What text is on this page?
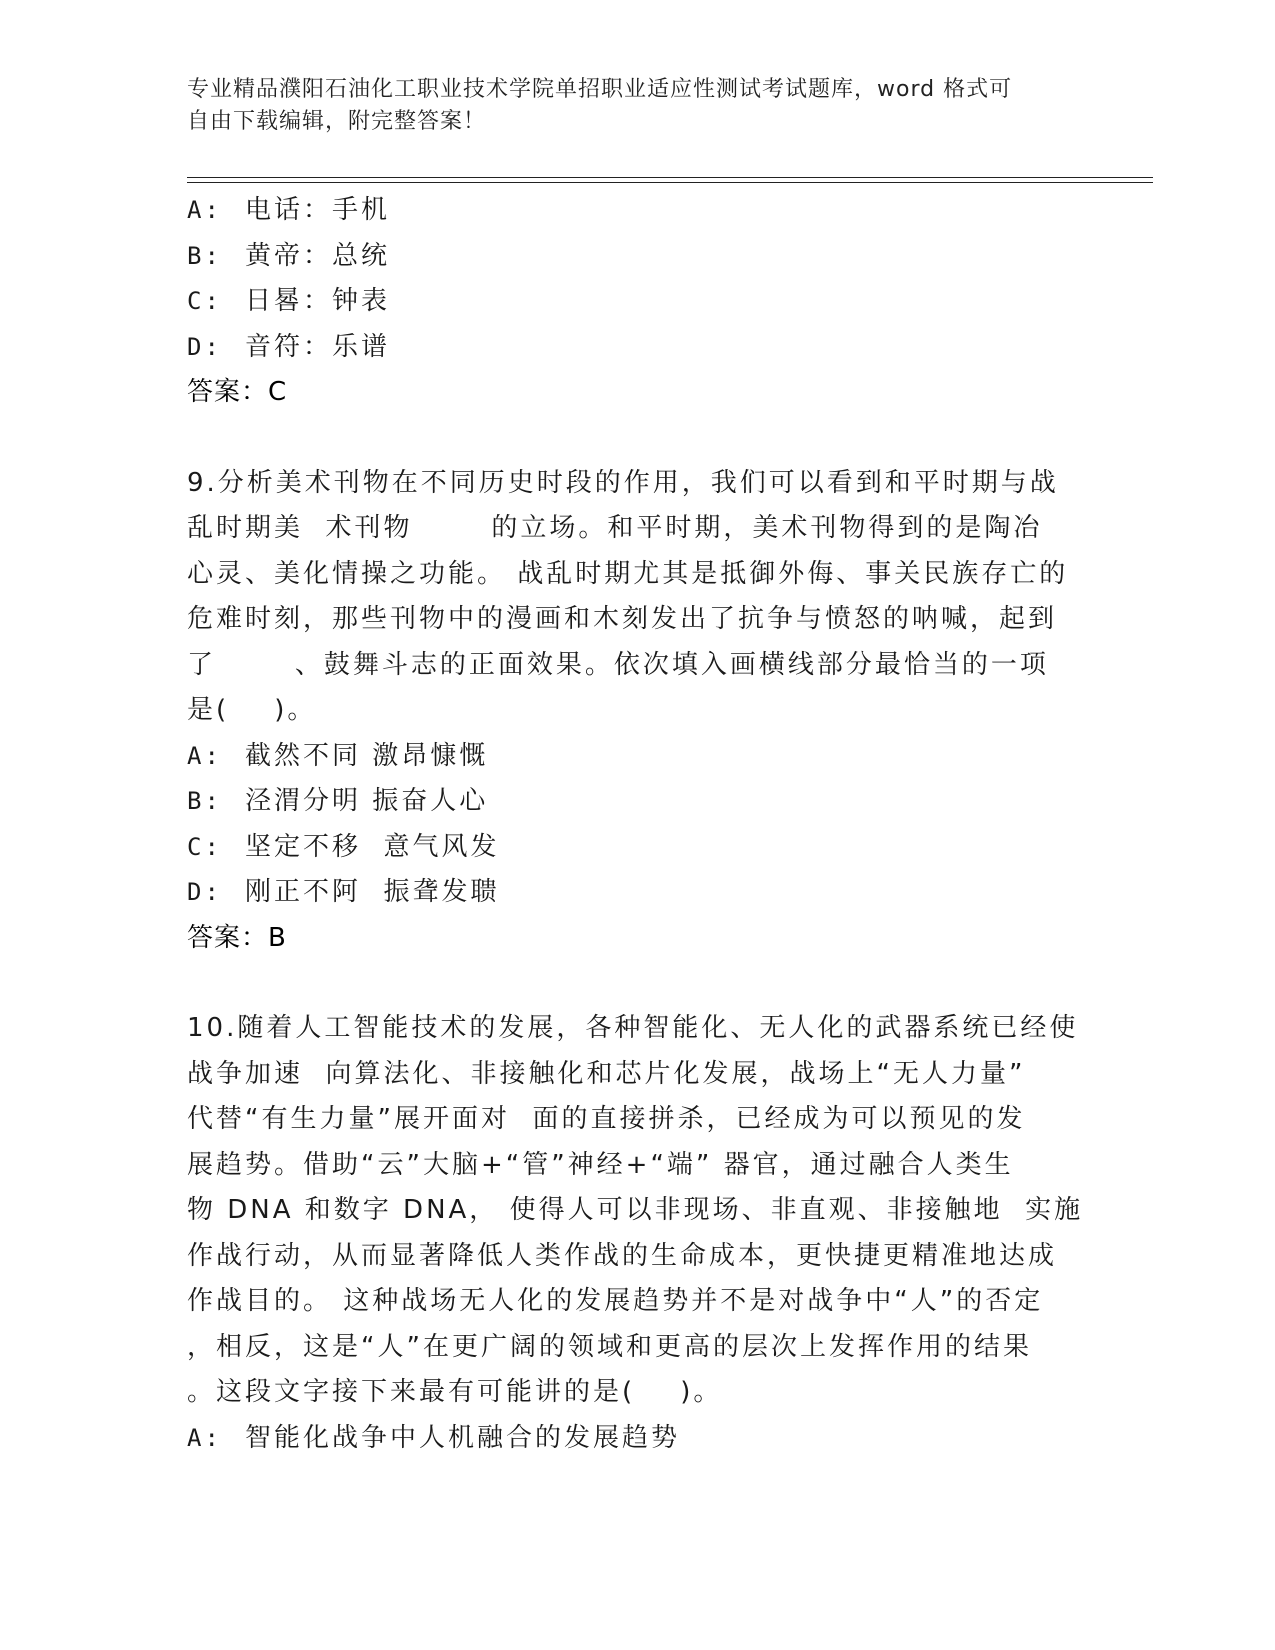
专业精品濮阳石油化工职业技术学院单招职业适应性测试考试题库，word 格式可
自由下载编辑，附完整答案！
A: 电话：手机
B: 黄帝：总统
C: 日晷：钟表
D: 音符：乐谱
答案：C
9.分析美术刊物在不同历史时段的作用，我们可以看到和平时期与战
乱时期美  术刊物       的立场。和平时期，美术刊物得到的是陶冶
心灵、美化情操之功能。 战乱时期尤其是抵御外侮、事关民族存亡的
危难时刻，那些刊物中的漫画和木刻发出了抗争与愤怒的呐喊，起到
了       、鼓舞斗志的正面效果。依次填入画横线部分最恰当的一项
是(    )。
A: 截然不同 激昂慷慨
B: 泾渭分明 振奋人心
C: 坚定不移  意气风发
D: 刚正不阿  振聋发聩
答案：B
10.随着人工智能技术的发展，各种智能化、无人化的武器系统已经使
战争加速  向算法化、非接触化和芯片化发展，战场上“无人力量”
代替“有生力量”展开面对  面的直接拼杀，已经成为可以预见的发
展趋势。借助“云”大脑+“管”神经+“端” 器官，通过融合人类生
物 DNA 和数字 DNA， 使得人可以非现场、非直观、非接触地  实施
作战行动，从而显著降低人类作战的生命成本，更快捷更精准地达成
作战目的。 这种战场无人化的发展趋势并不是对战争中“人”的否定
，相反，这是“人”在更广阔的领域和更高的层次上发挥作用的结果
。这段文字接下来最有可能讲的是(    )。
A: 智能化战争中人机融合的发展趋势
